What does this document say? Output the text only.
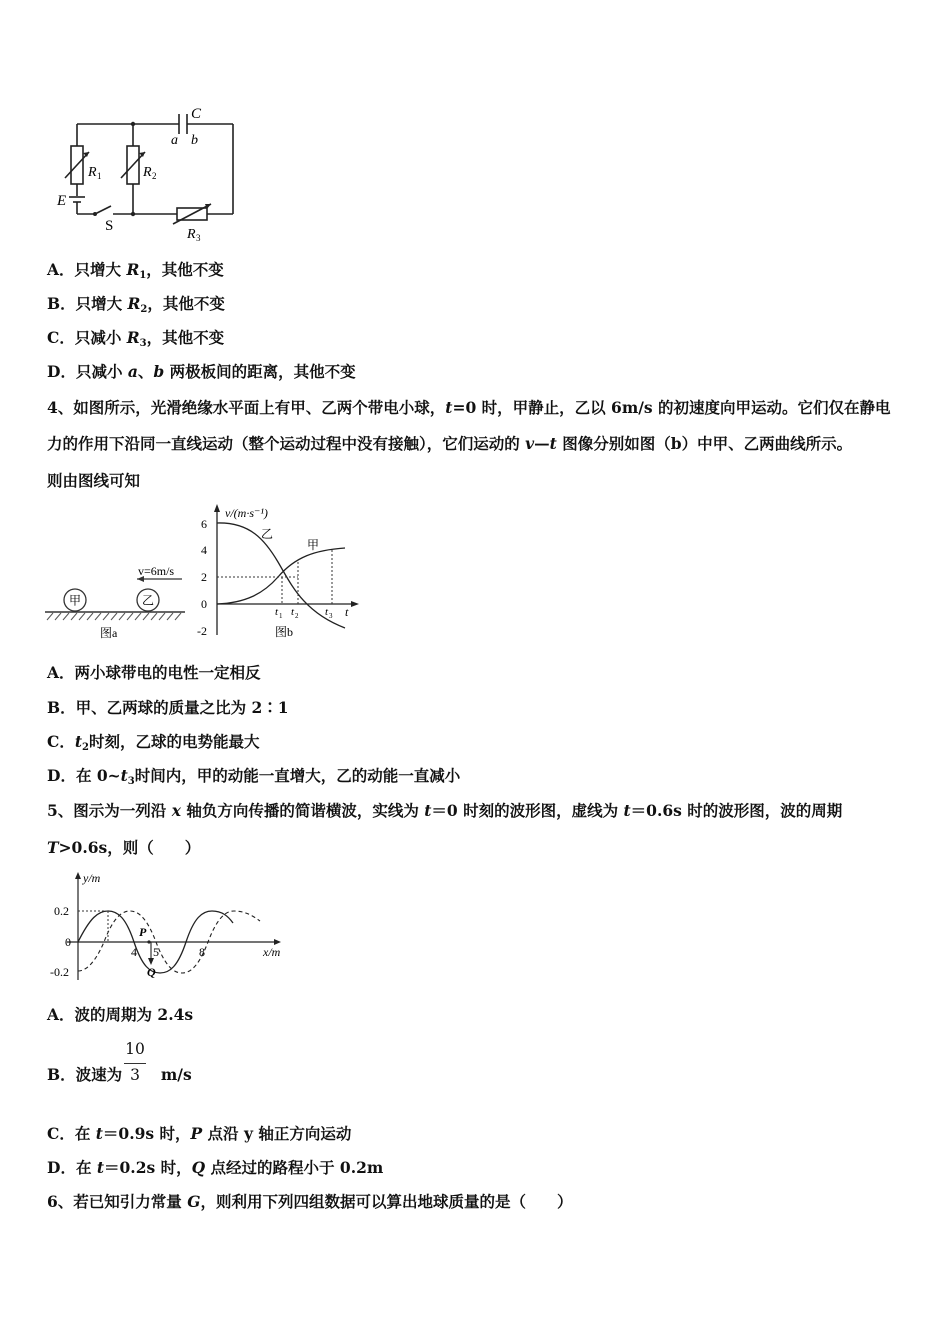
C
a b
R 1	R 2
E
S
R 3
A．只增大 $R_1$，其他不变
B．只增大 $R_2$，其他不变
C．只减小 $R_3$，其他不变
D．只减小 a、b 两极板间的距离，其他不变
4、如图所示，光滑绝缘水平面上有甲、乙两个带电小球，t=0 时，甲静止，乙以 6m/s 的初速度向甲运动。它们仅在静电
力的作用下沿同一直线运动（整个运动过程中没有接触），它们运动的 v—t 图像分别如图（b）中甲、乙两曲线所示。
则由图线可知
甲	乙
v=6m/s
图a
v/(m·s⁻¹)
t
6
4
2
0
-2
乙
甲
t 1 t 2 t 3
图b
A．两小球带电的电性一定相反
B．甲、乙两球的质量之比为 2∶1
C．$t_2$时刻，乙球的电势能最大
D．在 $0\sim t_3$时间内，甲的动能一直增大，乙的动能一直减小
5、图示为一列沿 x 轴负方向传播的简谐横波，实线为 t＝0 时刻的波形图，虚线为 t＝0.6s 时的波形图，波的周期
T>0.6s，则（　　）
y/m
x/m
0.2
0
-0.2
4 5	8
P
Q
A．波的周期为 2.4s
B．波速为  m/s
10
3
C．在 t＝0.9s 时，P 点沿 y 轴正方向运动
D．在 t＝0.2s 时，Q 点经过的路程小于 0.2m
6、若已知引力常量 G，则利用下列四组数据可以算出地球质量的是（　　）
